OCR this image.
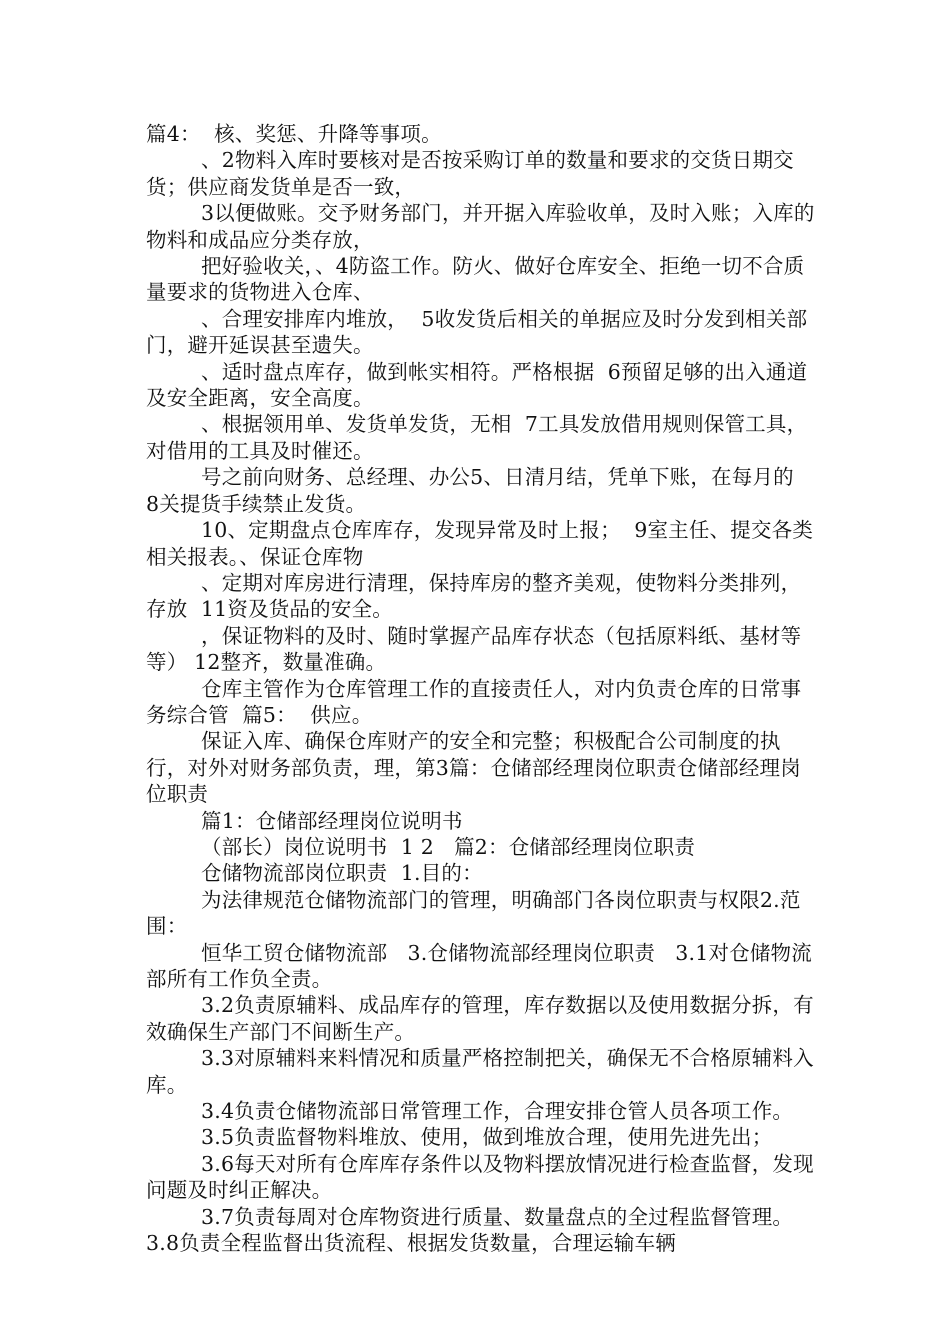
篇4：  核、奖惩、升降等事项。

、2物料入库时要核对是否按采购订单的数量和要求的交货日期交货；供应商发货单是否一致，

3以便做账。交予财务部门，并开据入库验收单，及时入账；入库的物料和成品应分类存放，

把好验收关，、4防盗工作。防火、做好仓库安全、拒绝一切不合质量要求的货物进入仓库、

、合理安排库内堆放，  5收发货后相关的单据应及时分发到相关部门，避开延误甚至遗失。

、适时盘点库存，做到帐实相符。严格根据  6预留足够的出入通道及安全距离，安全高度。

、根据领用单、发货单发货，无相  7工具发放借用规则保管工具，对借用的工具及时催还。

号之前向财务、总经理、办公5、日清月结，凭单下账，在每月的  8关提货手续禁止发货。

10、定期盘点仓库库存，发现异常及时上报；  9室主任、提交各类相关报表。、保证仓库物

、定期对库房进行清理，保持库房的整齐美观，使物料分类排列，存放  11资及货品的安全。

，保证物料的及时、随时掌握产品库存状态（包括原料纸、基材等等） 12整齐，数量准确。

仓库主管作为仓库管理工作的直接责任人，对内负责仓库的日常事务综合管  篇5：  供应。

保证入库、确保仓库财产的安全和完整；积极配合公司制度的执行，对外对财务部负责，理，第3篇：仓储部经理岗位职责仓储部经理岗位职责

篇1：仓储部经理岗位说明书

（部长）岗位说明书  1 2   篇2：仓储部经理岗位职责

仓储物流部岗位职责  1.目的：

为法律规范仓储物流部门的管理，明确部门各岗位职责与权限2.范围：

恒华工贸仓储物流部   3.仓储物流部经理岗位职责   3.1对仓储物流部所有工作负全责。

3.2负责原辅料、成品库存的管理，库存数据以及使用数据分拆，有效确保生产部门不间断生产。

3.3对原辅料来料情况和质量严格控制把关，确保无不合格原辅料入库。

3.4负责仓储物流部日常管理工作，合理安排仓管人员各项工作。

3.5负责监督物料堆放、使用，做到堆放合理，使用先进先出；

3.6每天对所有仓库库存条件以及物料摆放情况进行检查监督，发现问题及时纠正解决。

3.7负责每周对仓库物资进行质量、数量盘点的全过程监督管理。  3.8负责全程监督出货流程、根据发货数量，合理运输车辆
